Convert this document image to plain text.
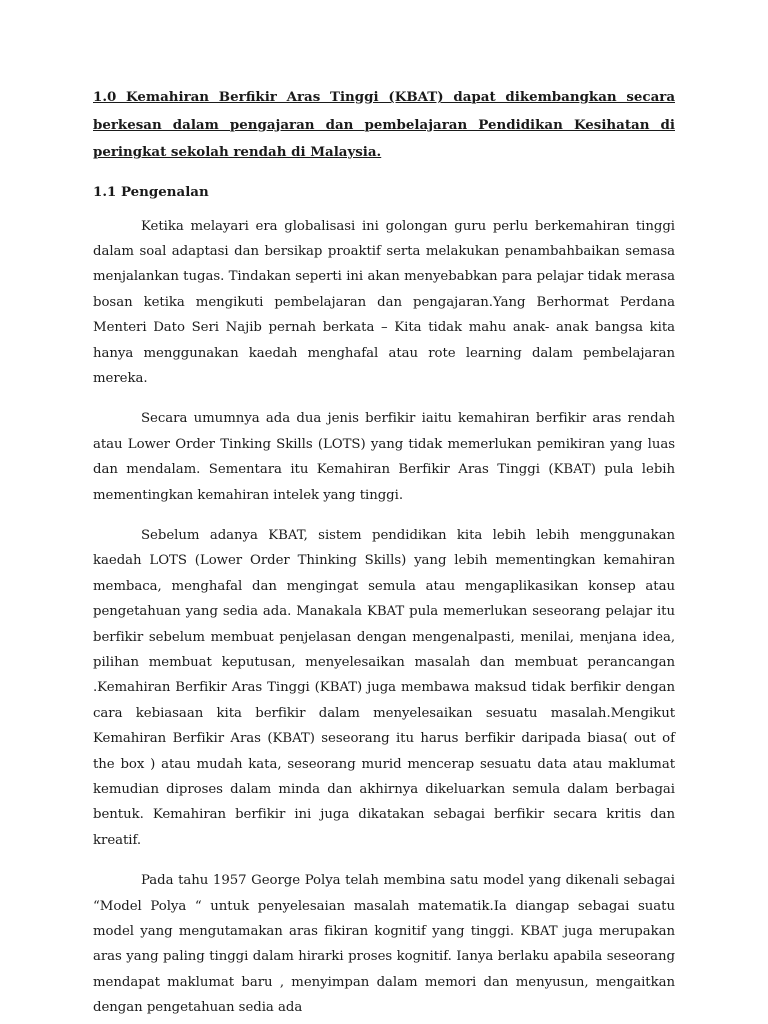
1.0 Kemahiran Berfikir Aras Tinggi (KBAT) dapat dikembangkan secara berkesan dalam pengajaran dan pembelajaran Pendidikan Kesihatan di peringkat sekolah rendah di Malaysia.

1.1 Pengenalan

Ketika melayari era globalisasi ini golongan guru perlu berkemahiran tinggi dalam soal adaptasi dan bersikap proaktif serta melakukan penambahbaikan semasa menjalankan tugas. Tindakan seperti ini akan menyebabkan para pelajar tidak merasa bosan ketika mengikuti pembelajaran dan pengajaran.Yang Berhormat Perdana Menteri Dato Seri Najib pernah berkata – Kita tidak mahu anak- anak bangsa kita hanya menggunakan kaedah menghafal atau rote learning dalam pembelajaran mereka.

Secara umumnya ada dua jenis berfikir iaitu kemahiran berfikir aras rendah atau Lower Order Tinking Skills (LOTS) yang tidak memerlukan pemikiran yang luas dan mendalam. Sementara itu Kemahiran Berfikir Aras Tinggi (KBAT) pula lebih mementingkan kemahiran intelek yang tinggi.

Sebelum adanya KBAT, sistem pendidikan kita lebih lebih menggunakan kaedah LOTS (Lower Order Thinking Skills) yang lebih mementingkan kemahiran membaca, menghafal dan mengingat semula atau mengaplikasikan konsep atau pengetahuan yang sedia ada. Manakala KBAT pula memerlukan seseorang pelajar itu berfikir sebelum membuat penjelasan dengan mengenalpasti, menilai, menjana idea, pilihan membuat keputusan, menyelesaikan masalah dan membuat perancangan .Kemahiran Berfikir Aras Tinggi (KBAT) juga membawa maksud tidak berfikir dengan cara kebiasaan kita berfikir dalam menyelesaikan sesuatu masalah.Mengikut Kemahiran Berfikir Aras (KBAT) seseorang itu harus berfikir daripada biasa( out of the box ) atau mudah kata, seseorang murid mencerap sesuatu data atau maklumat kemudian diproses dalam minda dan akhirnya dikeluarkan semula dalam berbagai bentuk. Kemahiran berfikir ini juga dikatakan sebagai berfikir secara kritis dan kreatif.

Pada tahu 1957 George Polya telah membina satu model yang dikenali sebagai “Model Polya “ untuk penyelesaian masalah matematik.Ia diangap sebagai suatu model yang mengutamakan aras fikiran kognitif yang tinggi. KBAT juga merupakan aras yang paling tinggi dalam hirarki proses kognitif. Ianya berlaku apabila seseorang mendapat maklumat baru , menyimpan dalam memori dan menyusun, mengaitkan dengan pengetahuan sedia ada
